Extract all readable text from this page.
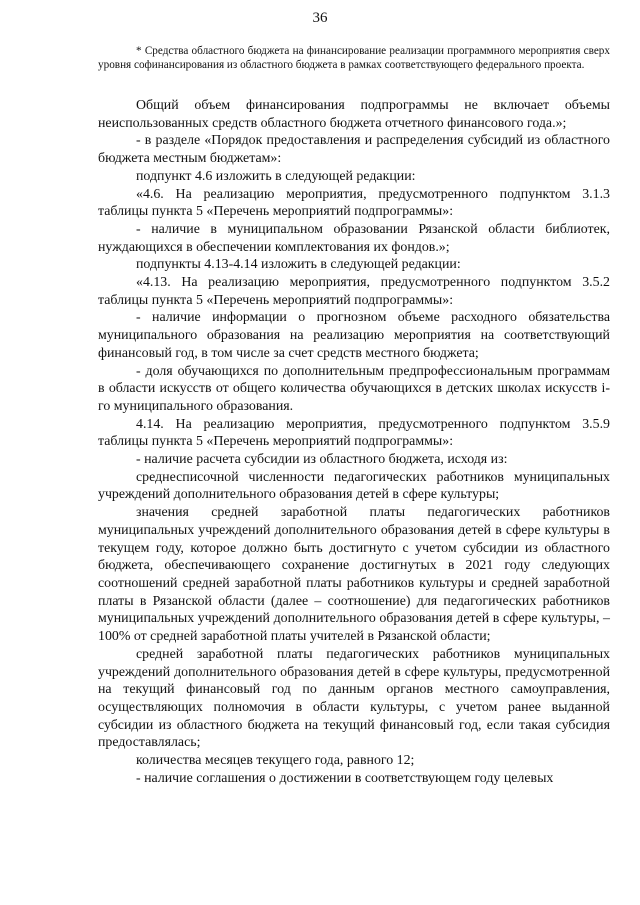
36

* Средства областного бюджета на финансирование реализации программного мероприятия сверх уровня софинансирования из областного бюджета в рамках соответствующего федерального проекта.

Общий объем финансирования подпрограммы не включает объемы неиспользованных средств областного бюджета отчетного финансового года.»;

- в разделе «Порядок предоставления и распределения субсидий из областного бюджета местным бюджетам»:

подпункт 4.6 изложить в следующей редакции:

«4.6. На реализацию мероприятия, предусмотренного подпунктом 3.1.3 таблицы пункта 5 «Перечень мероприятий подпрограммы»:

- наличие в муниципальном образовании Рязанской области библиотек, нуждающихся в обеспечении комплектования их фондов.»;

подпункты 4.13-4.14 изложить в следующей редакции:

«4.13. На реализацию мероприятия, предусмотренного подпунктом 3.5.2 таблицы пункта 5 «Перечень мероприятий подпрограммы»:

- наличие информации о прогнозном объеме расходного обязательства муниципального образования на реализацию мероприятия на соответствующий финансовый год, в том числе за счет средств местного бюджета;

- доля обучающихся по дополнительным предпрофессиональным программам в области искусств от общего количества обучающихся в детских школах искусств i-го муниципального образования.

4.14. На реализацию мероприятия, предусмотренного подпунктом 3.5.9 таблицы пункта 5 «Перечень мероприятий подпрограммы»:

- наличие расчета субсидии из областного бюджета, исходя из:

среднесписочной численности педагогических работников муниципальных учреждений дополнительного образования детей в сфере культуры;

значения средней заработной платы педагогических работников муниципальных учреждений дополнительного образования детей в сфере культуры в текущем году, которое должно быть достигнуто с учетом субсидии из областного бюджета, обеспечивающего сохранение достигнутых в 2021 году следующих соотношений средней заработной платы работников культуры и средней заработной платы в Рязанской области (далее – соотношение) для педагогических работников муниципальных учреждений дополнительного образования детей в сфере культуры, – 100% от средней заработной платы учителей в Рязанской области;

средней заработной платы педагогических работников муниципальных учреждений дополнительного образования детей в сфере культуры, предусмотренной на текущий финансовый год по данным органов местного самоуправления, осуществляющих полномочия в области культуры, с учетом ранее выданной субсидии из областного бюджета на текущий финансовый год, если такая субсидия предоставлялась;

количества месяцев текущего года, равного 12;

- наличие соглашения о достижении в соответствующем году целевых
